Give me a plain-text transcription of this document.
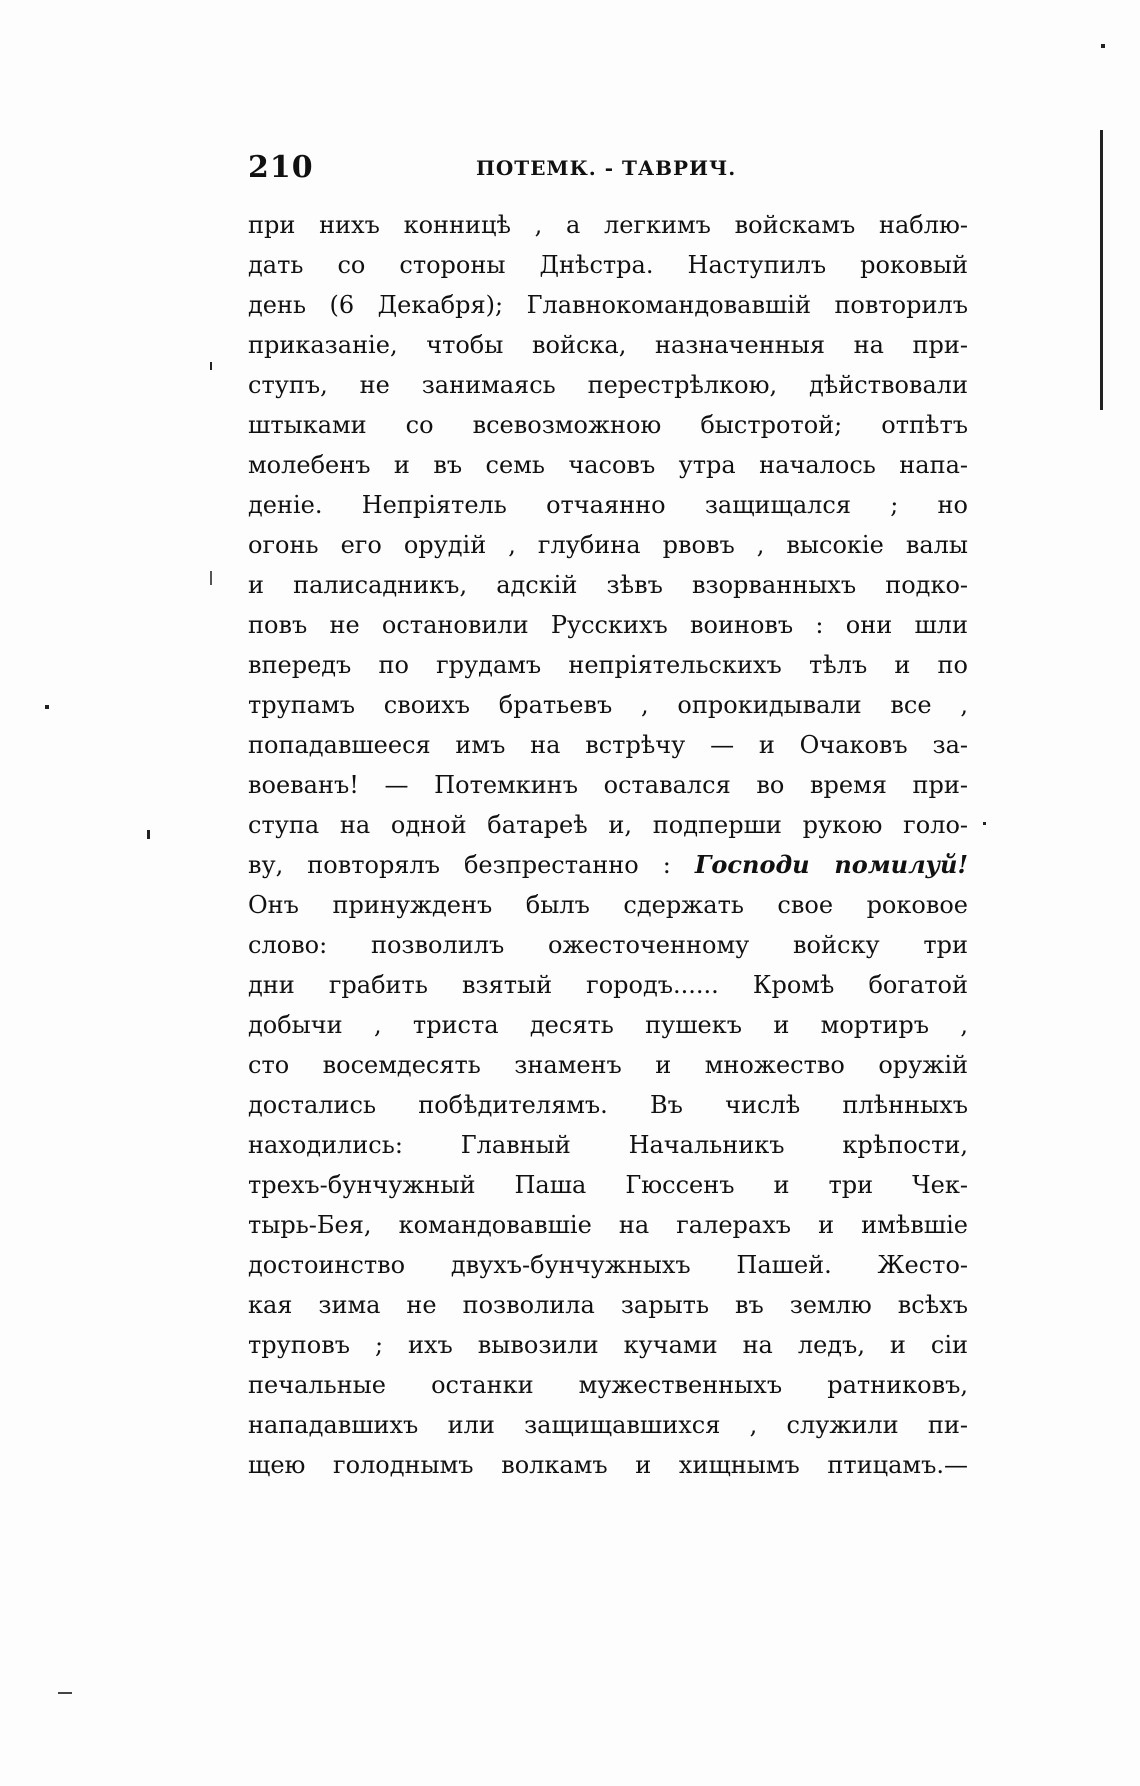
210	ПОТЕМК. - ТАВРИЧ.
при нихъ конницѣ , а легкимъ войскамъ наблю-
дать со стороны Днѣстра. Наступилъ роковый
день (6 Декабря); Главнокомандовавшій повторилъ
приказаніе, чтобы войска, назначенныя на при-
ступъ, не занимаясь перестрѣлкою, дѣйствовали
штыками со всевозможною быстротой; отпѣтъ
молебенъ и въ семь часовъ утра началось напа-
деніе. Непріятель отчаянно защищался ; но
огонь его орудій , глубина рвовъ , высокіе валы
и палисадникъ, адскій зѣвъ взорванныхъ подко-
повъ не остановили Русскихъ воиновъ : они шли
впередъ по грудамъ непріятельскихъ тѣлъ и по
трупамъ своихъ братьевъ , опрокидывали все ,
попадавшееся имъ на встрѣчу — и Очаковъ за-
воеванъ! — Потемкинъ оставался во время при-
ступа на одной батареѣ и, подперши рукою голо-
ву, повторялъ безпрестанно : Господи помилуй!
Онъ принужденъ былъ сдержать свое роковое
слово: позволилъ ожесточенному войску три
дни грабить взятый городъ...... Кромѣ богатой
добычи , триста десять пушекъ и мортиръ ,
сто восемдесять знаменъ и множество оружій
достались побѣдителямъ. Въ числѣ плѣнныхъ
находились: Главный Начальникъ крѣпости,
трехъ-бунчужный Паша Гюссенъ и три Чек-
тырь-Бея, командовавшіе на галерахъ и имѣвшіе
достоинство двухъ-бунчужныхъ Пашей. Жесто-
кая зима не позволила зарыть въ землю всѣхъ
труповъ ; ихъ вывозили кучами на ледъ, и сіи
печальные останки мужественныхъ ратниковъ,
нападавшихъ или защищавшихся , служили пи-
щею голоднымъ волкамъ и хищнымъ птицамъ.—
